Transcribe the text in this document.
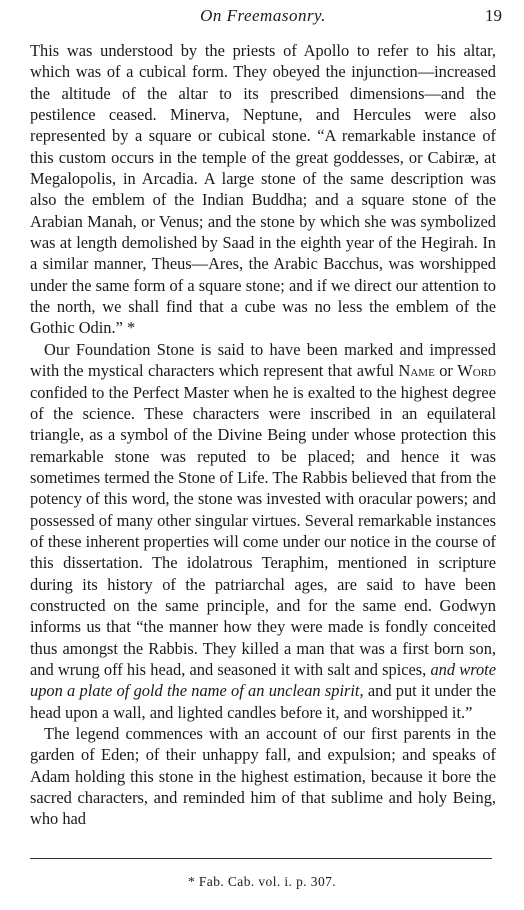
On Freemasonry.	19

This was understood by the priests of Apollo to refer to his altar, which was of a cubical form. They obeyed the injunction—increased the altitude of the altar to its prescribed dimensions—and the pestilence ceased. Minerva, Neptune, and Hercules were also represented by a square or cubical stone. “A remarkable instance of this custom occurs in the temple of the great goddesses, or Cabiræ, at Megalopolis, in Arcadia. A large stone of the same description was also the emblem of the Indian Buddha; and a square stone of the Arabian Manah, or Venus; and the stone by which she was symbolized was at length demolished by Saad in the eighth year of the Hegirah. In a similar manner, Theus—Ares, the Arabic Bacchus, was worshipped under the same form of a square stone; and if we direct our attention to the north, we shall find that a cube was no less the emblem of the Gothic Odin.” *

Our Foundation Stone is said to have been marked and impressed with the mystical characters which represent that awful Name or Word confided to the Perfect Master when he is exalted to the highest degree of the science. These characters were inscribed in an equilateral triangle, as a symbol of the Divine Being under whose protection this remarkable stone was reputed to be placed; and hence it was sometimes termed the Stone of Life. The Rabbis believed that from the potency of this word, the stone was invested with oracular powers; and possessed of many other singular virtues. Several remarkable instances of these inherent properties will come under our notice in the course of this dissertation. The idolatrous Teraphim, mentioned in scripture during its history of the patriarchal ages, are said to have been constructed on the same principle, and for the same end. Godwyn informs us that “the manner how they were made is fondly conceited thus amongst the Rabbis. They killed a man that was a first born son, and wrung off his head, and seasoned it with salt and spices, and wrote upon a plate of gold the name of an unclean spirit, and put it under the head upon a wall, and lighted candles before it, and worshipped it.”

The legend commences with an account of our first parents in the garden of Eden; of their unhappy fall, and expulsion; and speaks of Adam holding this stone in the highest estimation, because it bore the sacred characters, and reminded him of that sublime and holy Being, who had

* Fab. Cab. vol. i. p. 307.
